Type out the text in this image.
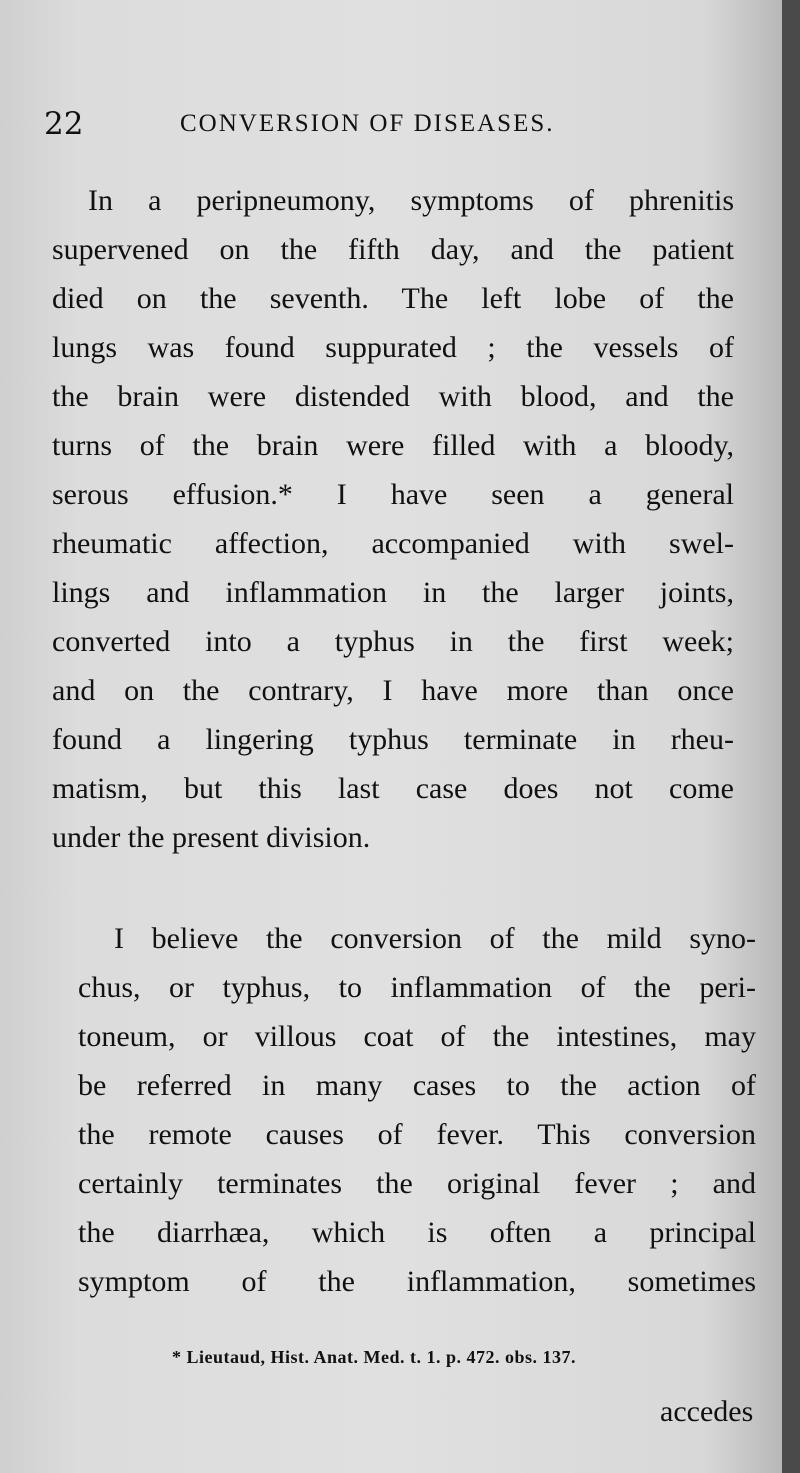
22	CONVERSION OF DISEASES.
In a peripneumony, symptoms of phrenitis
supervened on the fifth day, and the patient
died on the seventh. The left lobe of the
lungs was found suppurated ; the vessels of
the brain were distended with blood, and the
turns of the brain were filled with a bloody,
serous effusion.* I have seen a general
rheumatic affection, accompanied with swel-
lings and inflammation in the larger joints,
converted into a typhus in the first week;
and on the contrary, I have more than once
found a lingering typhus terminate in rheu-
matism, but this last case does not come
under the present division.
I believe the conversion of the mild syno-
chus, or typhus, to inflammation of the peri-
toneum, or villous coat of the intestines, may
be referred in many cases to the action of
the remote causes of fever. This conversion
certainly terminates the original fever ; and
the diarrhæa, which is often a principal
symptom of the inflammation, sometimes
* Lieutaud, Hist. Anat. Med. t. 1. p. 472. obs. 137.
accedes
